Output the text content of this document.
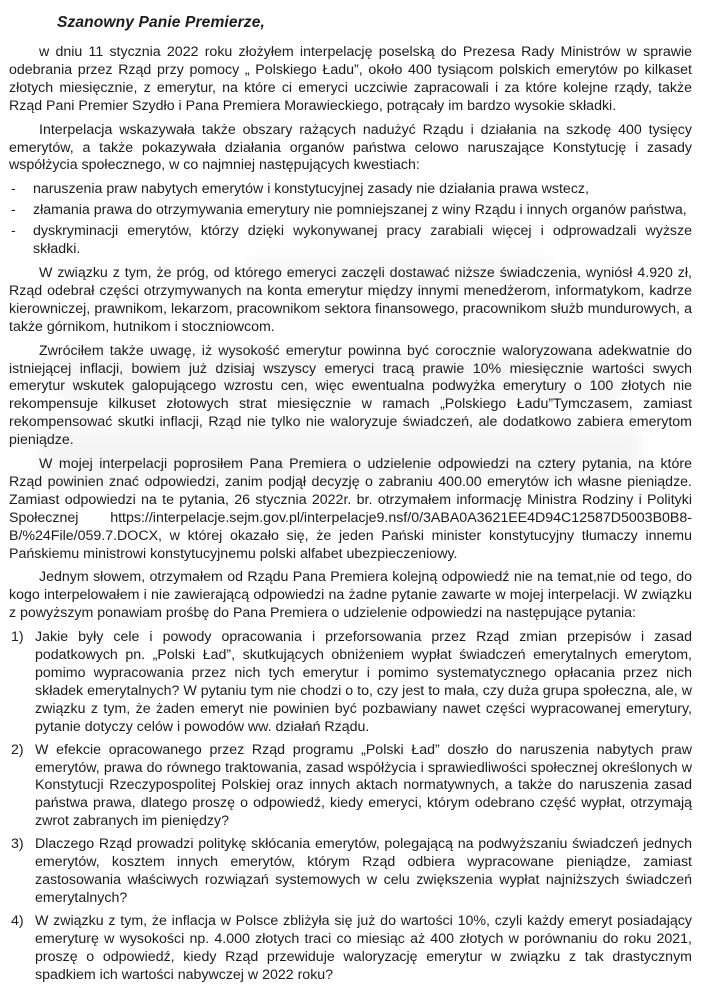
Szanowny Panie Premierze,

w dniu 11 stycznia 2022 roku złożyłem interpelację poselską do Prezesa Rady Ministrów w sprawie odebrania przez Rząd przy pomocy „ Polskiego Ładu”, około 400 tysiącom polskich emerytów po kilkaset złotych miesięcznie, z emerytur, na które ci emeryci uczciwie zapracowali i za które kolejne rządy, także Rząd Pani Premier Szydło i Pana Premiera Morawieckiego, potrącały im bardzo wysokie składki.

Interpelacja wskazywała także obszary rażących nadużyć Rządu i działania na szkodę 400 tysięcy emerytów, a także pokazywała działania organów państwa celowo naruszające Konstytucję i zasady współżycia społecznego, w co najmniej następujących kwestiach:

- naruszenia praw nabytych emerytów i konstytucyjnej zasady nie działania prawa wstecz,
- złamania prawa do otrzymywania emerytury nie pomniejszanej z winy Rządu i innych organów państwa,
- dyskryminacji emerytów, którzy dzięki wykonywanej pracy zarabiali więcej i odprowadzali wyższe składki.

W związku z tym, że próg, od którego emeryci zaczęli dostawać niższe świadczenia, wyniósł 4.920 zł, Rząd odebrał części otrzymywanych na konta emerytur między innymi menedżerom, informatykom, kadrze kierowniczej, prawnikom, lekarzom, pracownikom sektora finansowego, pracownikom służb mundurowych, a także górnikom, hutnikom i stoczniowcom.

Zwróciłem także uwagę, iż wysokość emerytur powinna być corocznie waloryzowana adekwatnie do istniejącej inflacji, bowiem już dzisiaj wszyscy emeryci tracą prawie 10% miesięcznie wartości swych emerytur wskutek galopującego wzrostu cen, więc ewentualna podwyżka emerytury o 100 złotych nie rekompensuje kilkuset złotowych strat miesięcznie w ramach „Polskiego Ładu”Tymczasem, zamiast rekompensować skutki inflacji, Rząd nie tylko nie waloryzuje świadczeń, ale dodatkowo zabiera emerytom pieniądze.

W mojej interpelacji poprosiłem Pana Premiera o udzielenie odpowiedzi na cztery pytania, na które Rząd powinien znać odpowiedzi, zanim podjął decyzję o zabraniu 400.00 emerytów ich własne pieniądze. Zamiast odpowiedzi na te pytania, 26 stycznia 2022r. br. otrzymałem informację Ministra Rodziny i Polityki Społecznej https://interpelacje.sejm.gov.pl/interpelacje9.nsf/0/3ABA0A3621EE4D94C12587D5003B0B8-B/%24File/059.7.DOCX, w której okazało się, że jeden Pański minister konstytucyjny tłumaczy innemu Pańskiemu ministrowi konstytucyjnemu polski alfabet ubezpieczeniowy.

Jednym słowem, otrzymałem od Rządu Pana Premiera kolejną odpowiedź nie na temat,nie od tego, do kogo interpelowałem i nie zawierającą odpowiedzi na żadne pytanie zawarte w mojej interpelacji. W związku z powyższym ponawiam prośbę do Pana Premiera o udzielenie odpowiedzi na następujące pytania:

1) Jakie były cele i powody opracowania i przeforsowania przez Rząd zmian przepisów i zasad podatkowych pn. „Polski Ład”, skutkujących obniżeniem wypłat świadczeń emerytalnych emerytom, pomimo wypracowania przez nich tych emerytur i pomimo systematycznego opłacania przez nich składek emerytalnych? W pytaniu tym nie chodzi o to, czy jest to mała, czy duża grupa społeczna, ale, w związku z tym, że żaden emeryt nie powinien być pozbawiany nawet części wypracowanej emerytury, pytanie dotyczy celów i powodów ww. działań Rządu.
2) W efekcie opracowanego przez Rząd programu „Polski Ład” doszło do naruszenia nabytych praw emerytów, prawa do równego traktowania, zasad współżycia i sprawiedliwości społecznej określonych w Konstytucji Rzeczypospolitej Polskiej oraz innych aktach normatywnych, a także do naruszenia zasad państwa prawa, dlatego proszę o odpowiedź, kiedy emeryci, którym odebrano część wypłat, otrzymają zwrot zabranych im pieniędzy?
3) Dlaczego Rząd prowadzi politykę skłócania emerytów, polegającą na podwyższaniu świadczeń jednych emerytów, kosztem innych emerytów, którym Rząd odbiera wypracowane pieniądze, zamiast zastosowania właściwych rozwiązań systemowych w celu zwiększenia wypłat najniższych świadczeń emerytalnych?
4) W związku z tym, że inflacja w Polsce zbliżyła się już do wartości 10%, czyli każdy emeryt posiadający emeryturę w wysokości np. 4.000 złotych traci co miesiąc aż 400 złotych w porównaniu do roku 2021, proszę o odpowiedź, kiedy Rząd przewiduje waloryzację emerytur w związku z tak drastycznym spadkiem ich wartości nabywczej w 2022 roku?
